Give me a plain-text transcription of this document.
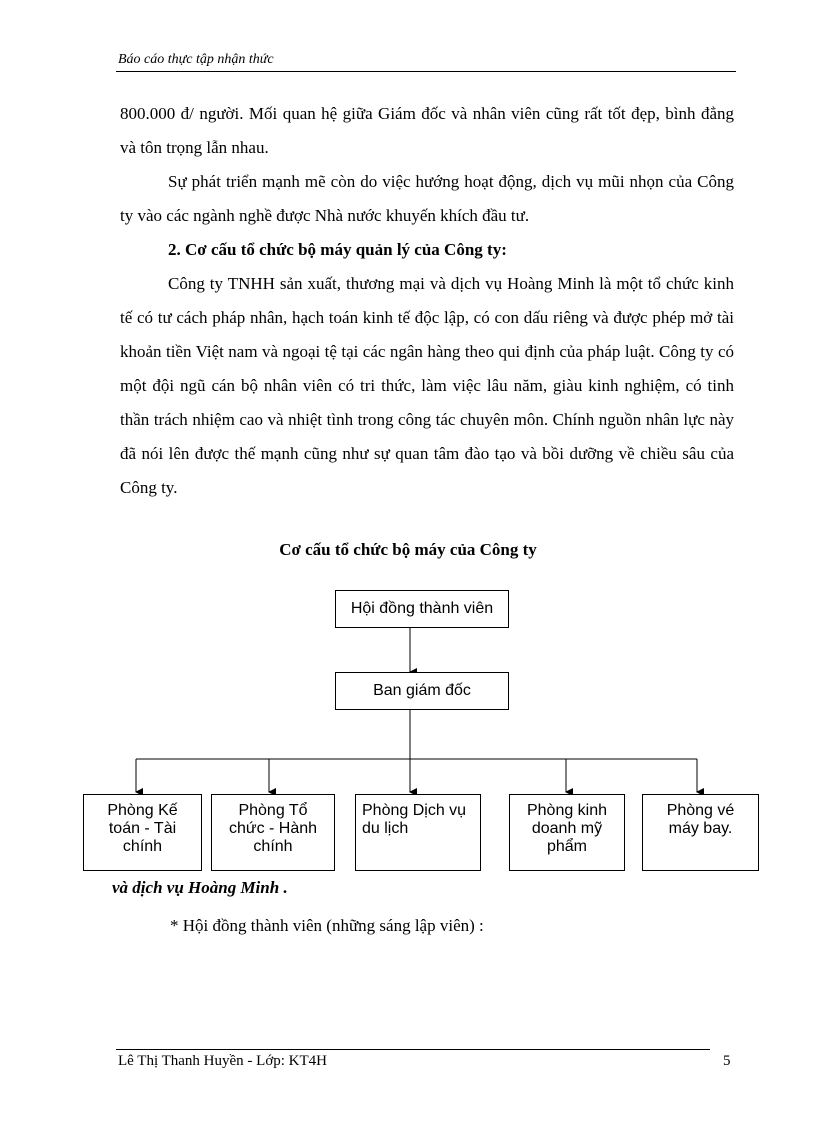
Báo cáo thực tập nhận thức

800.000 đ/ người. Mối quan hệ giữa Giám đốc và nhân viên cũng rất tốt đẹp, bình đẳng và tôn trọng lẫn nhau.

Sự phát triển mạnh mẽ còn do việc hướng hoạt động, dịch vụ mũi nhọn của Công ty vào các ngành nghề được Nhà nước khuyến khích đầu tư.

2. Cơ cấu tổ chức bộ máy quản lý của Công ty:

Công ty TNHH sản xuất, thương mại và dịch vụ Hoàng Minh là một tổ chức kinh tế có tư cách pháp nhân, hạch toán kinh tế độc lập, có con dấu riêng và được phép mở tài khoản tiền Việt nam và ngoại tệ tại các ngân hàng theo qui định của pháp luật. Công ty có một đội ngũ cán bộ nhân viên có tri thức, làm việc lâu năm, giàu kinh nghiệm, có tinh thần trách nhiệm cao và nhiệt tình trong công tác chuyên môn. Chính nguồn nhân lực này đã nói lên được thế mạnh cũng như sự quan tâm đào tạo và bồi dưỡng về chiều sâu của Công ty.

Cơ cấu tổ chức bộ máy của Công ty
Hội đồng thành viên
Ban giám đốc
Phòng Kế toán - Tài chính
Phòng Tổ chức - Hành chính
Phòng Dịch vụ du lịch
Phòng kinh doanh mỹ phẩm
Phòng vé máy bay.
và dịch vụ Hoàng Minh .
* Hội đồng thành viên (những sáng lập viên) :
Lê Thị Thanh Huyền - Lớp: KT4H	5
